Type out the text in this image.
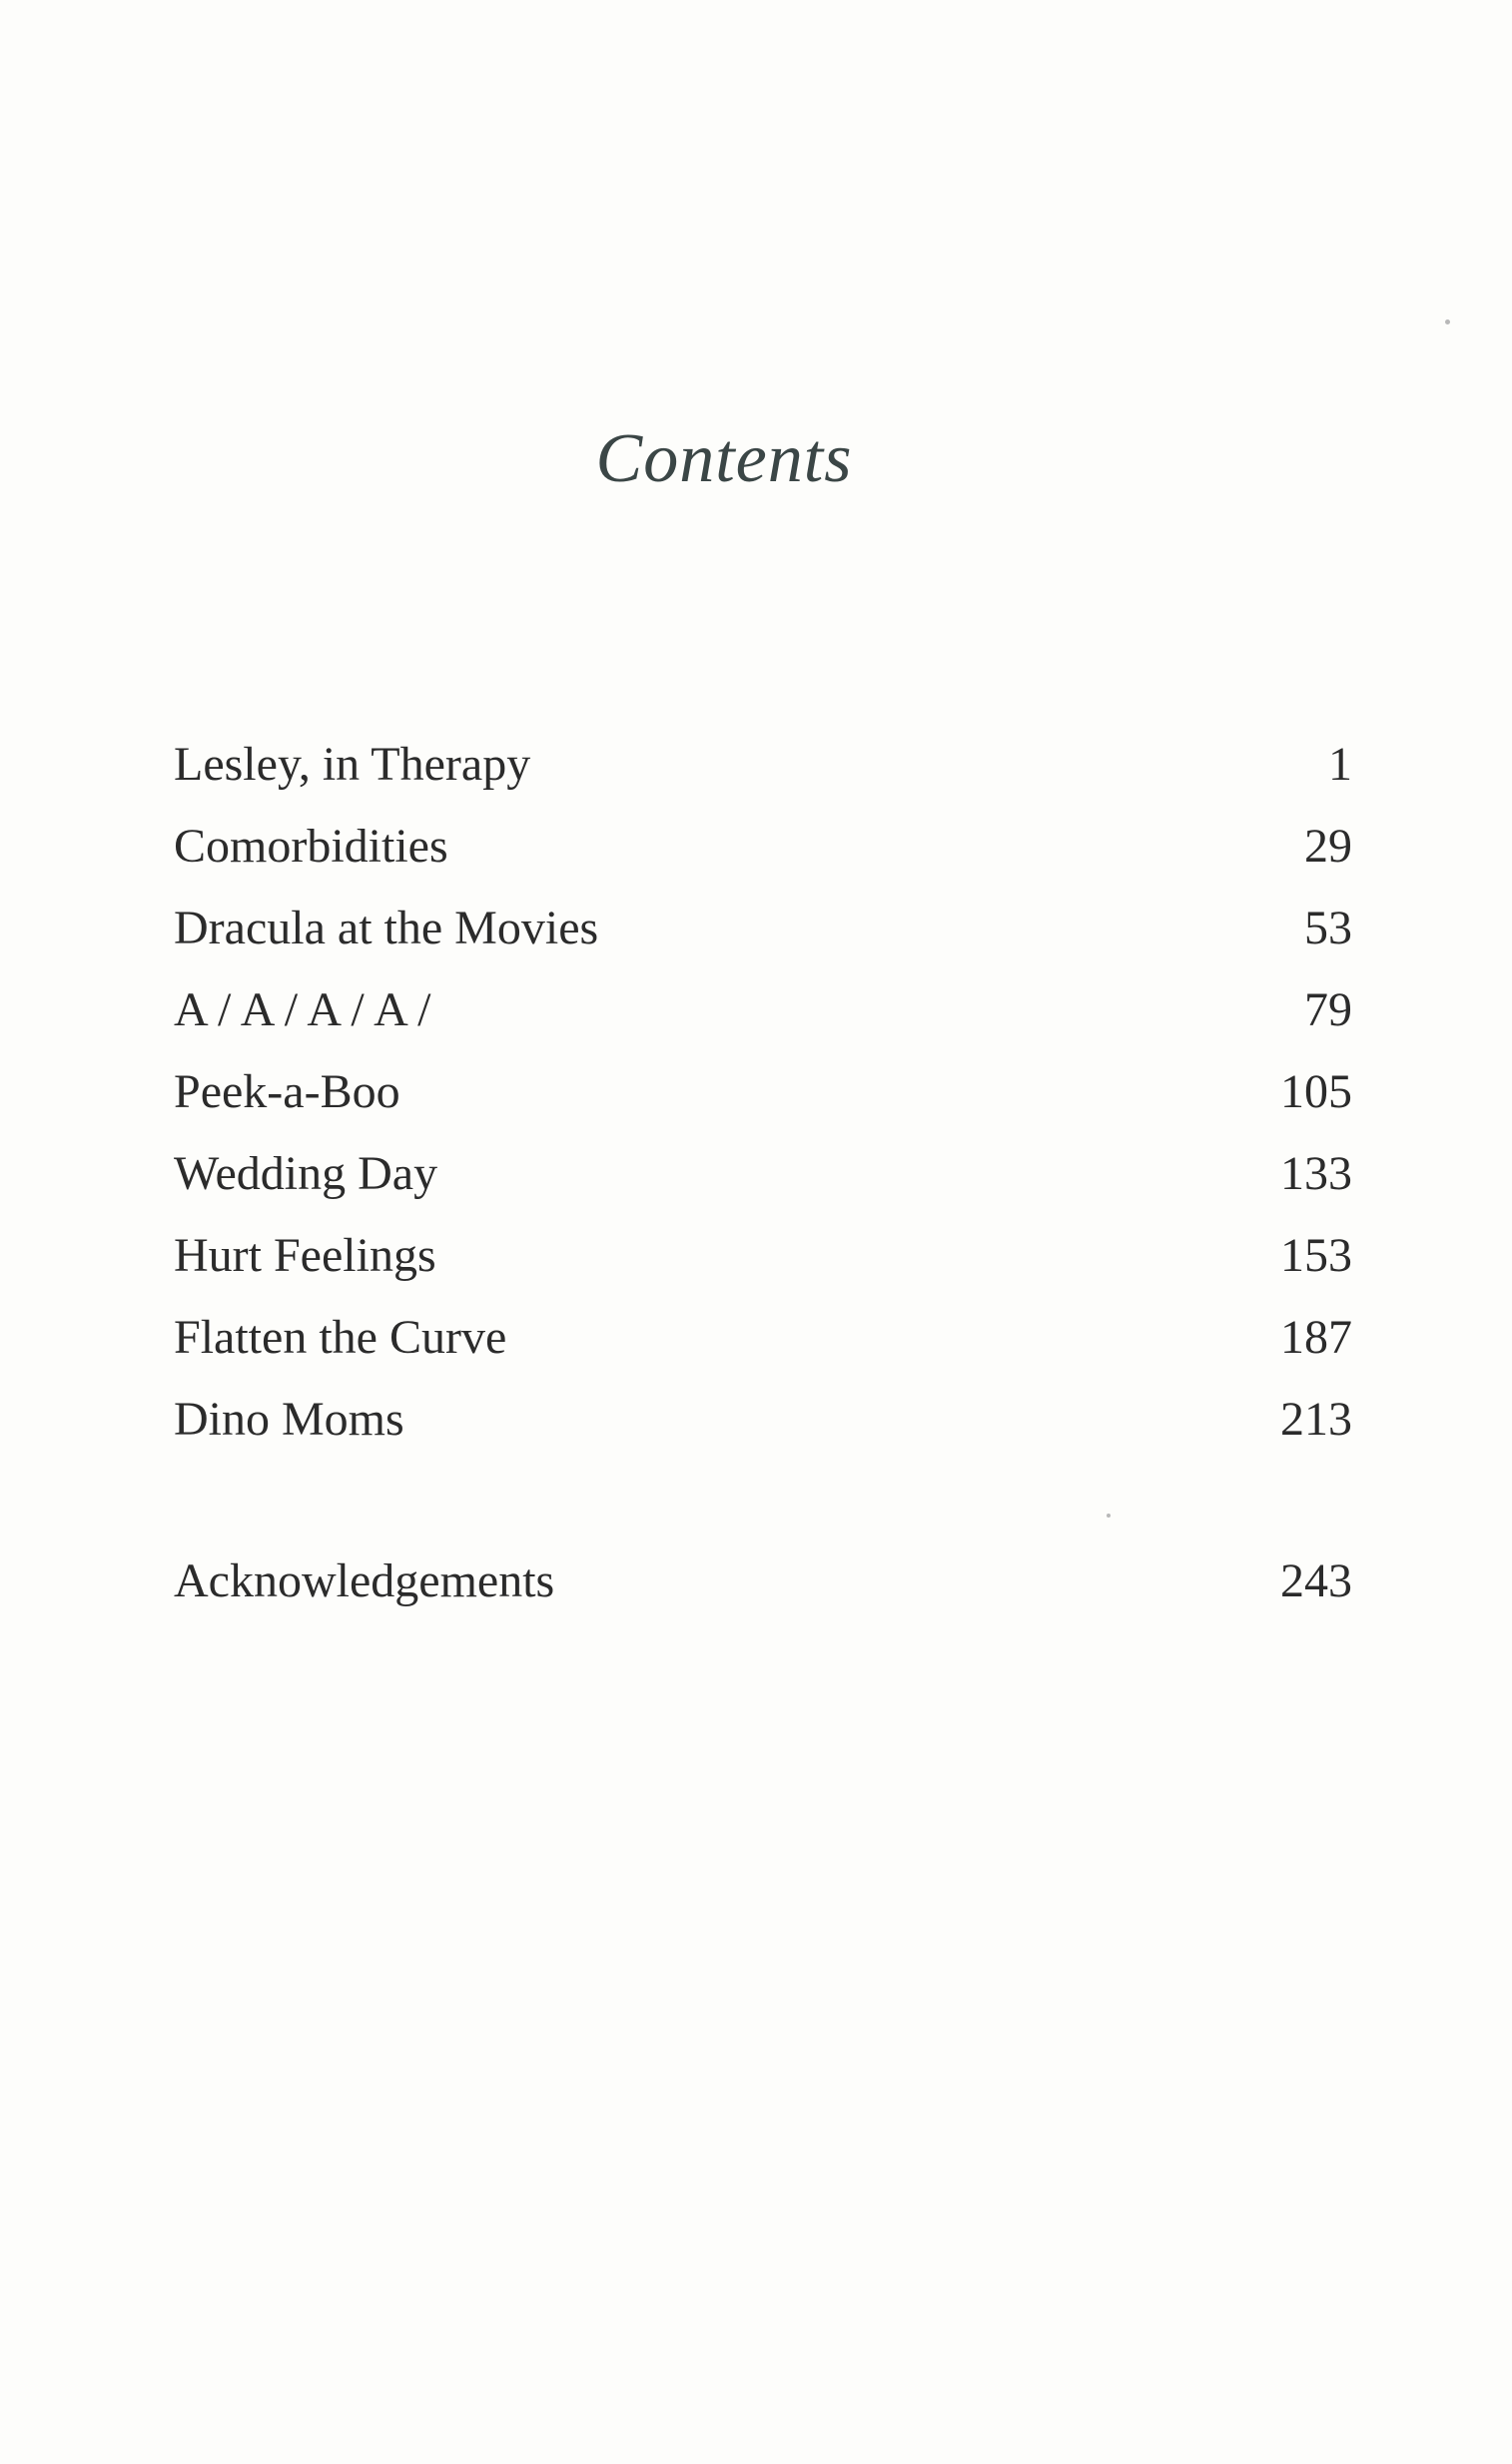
Contents
Lesley, in Therapy	1
Comorbidities	29
Dracula at the Movies	53
A / A / A / A /	79
Peek-a-Boo	105
Wedding Day	133
Hurt Feelings	153
Flatten the Curve	187
Dino Moms	213
Acknowledgements	243
